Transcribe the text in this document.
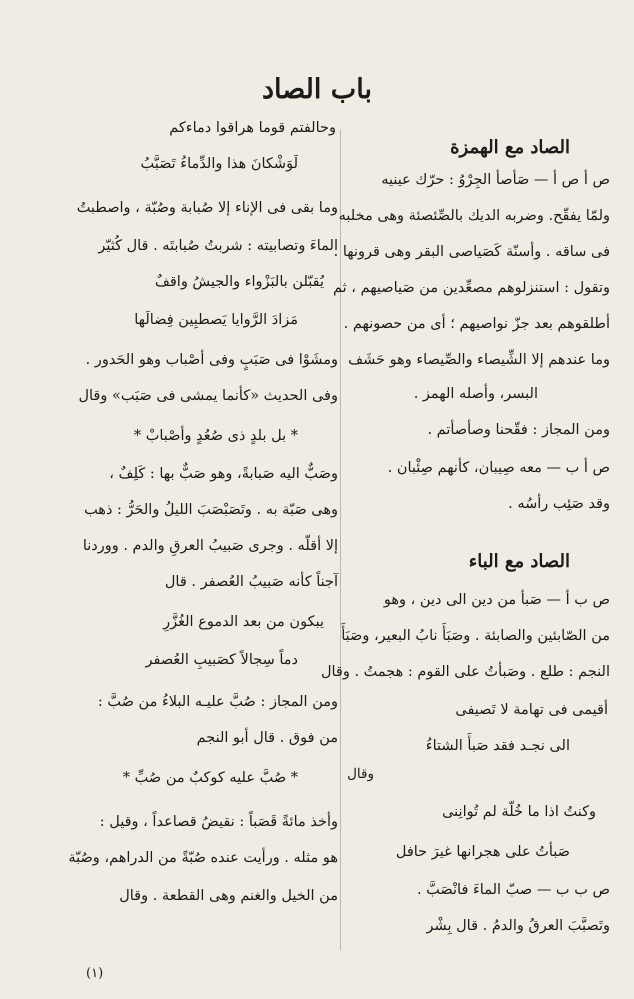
باب الصاد
الصاد مع الهمزة
ص أ ص أ — صَأصأ الجِرْوُ : حرّك عينيه
ولمّا يفقّح. وضربه الديك بالصِّئصئة وهى مخلبه
فى ساقه . وأسنّة كَصَياصى البقر وهى قرونها .
وتقول : استنزلوهم مصعِّدين من صَياصيهم ، ثم
أطلقوهم بعد جزّ نواصيهم ؛ أى من حصونهم .
وما عندهم إلا الشِّيصاء والصِّيصاء وهو حَشَف
البسر، وأصله الهمز .
ومن المجاز : فقّحنا وصأصأتم .
ص أ ب — معه صِيبان، كأنهم صِئْبان .
وقد صَئِب رأسُه .
الصاد مع الباء
ص ب أ — صَبأ من دين الى دين ، وهو
من الصّابئين والصابئة . وصَبَأَ نابُ البعير، وصَبَأَ
النجم : طلع . وصَبأتُ على القوم : هجمتُ . وقال
أقيمى فى تهامة لا تَصيفى
الى نجـد فقد صَبأَ الشتاءُ
وقال
وكنتُ اذا ما خُلّة لم تُوانِنى
صَبأتُ على هجرانها غيرَ حافل
ص ب ب — صبّ الماءَ فانْصَبَّ .
وتَصبَّبَ العرقُ والدمُ . قال بِشْر
وحالفتم قوما هراقوا دماءكم
لَوَشْكانَ هذا والدِّماءُ تَصَبَّبُ
وما بقى فى الإناء إلا صُبابة وصُبّة ، واصطبتُ
الماءَ وتصابيته : شربتُ صُبابتَه . قال كُثيّر
يُقبّلن بالبَزْواء والجيشُ واقفٌ
مَزادَ الرَّوايا يَصطبِين فِضالَها
ومشَوْا فى صَبَبٍ وفى أصْباب وهو الحَدور .
وفى الحديث «كأنما يمشى فى صَبَب» وقال
* بل بلدٍ ذى صُعُدٍ وأصْبابْ *
وصَبٌّ اليه صَبابةً، وهو صَبٌّ بها : كَلِفٌ ،
وهى صَبّة به . وتَصَبْصَبَ الليلُ والحَرُّ : ذهب
إلا أقلّه . وجرى صَبيبُ العرقِ والدم . ووردنا
آجناً كأنه صَبيبُ العُصفر . قال
يبكون من بعد الدموع الغُزَّرِ
دماً سِجالاً كصَبيبِ العُصفر
ومن المجاز : صُبَّ عليـه البلاءُ من صُبَّ :
من فوق . قال أبو النجم
* صُبَّ عليه كوكبٌ من صُبِّ *
وأخذ مائةً قَصَباً : نقيضُ قصاعداً ، وقيل :
هو مثله . ورأيت عنده صُبّةً من الدراهم، وصُبّة
من الخيل والغنم وهى القطعة . وقال
(١)
